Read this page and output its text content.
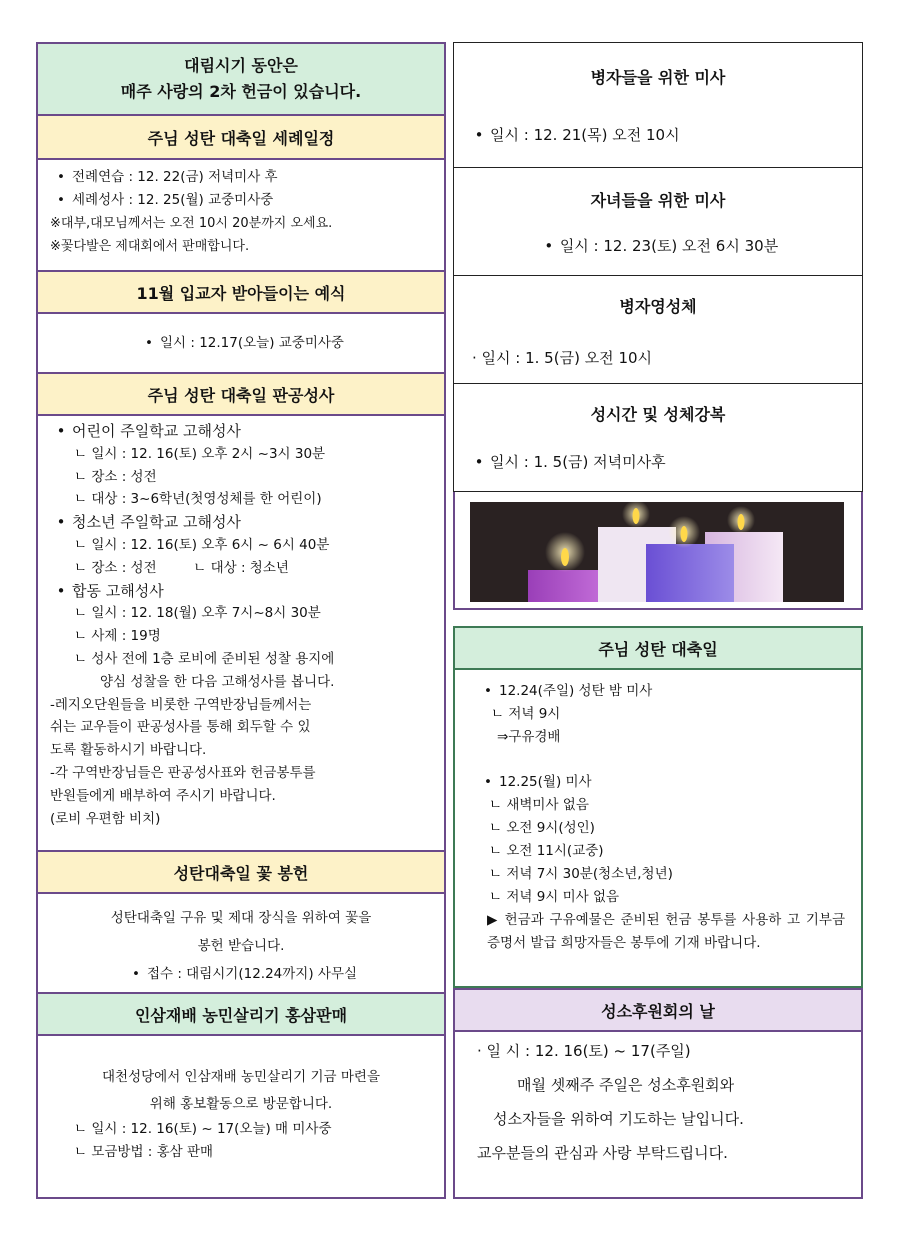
대림시기 동안은
매주 사랑의 2차 헌금이 있습니다.
주님 성탄 대축일 세례일정
• 전례연습 : 12. 22(금) 저녁미사 후
• 세례성사 : 12. 25(월) 교중미사중
※대부,대모님께서는 오전 10시 20분까지 오세요.
※꽃다발은 제대회에서 판매합니다.
11월 입교자 받아들이는 예식
• 일시 : 12.17(오늘) 교중미사중
주님 성탄 대축일 판공성사
• 어린이 주일학교 고해성사
ㄴ 일시 : 12. 16(토) 오후 2시 ~3시 30분
ㄴ 장소 : 성전
ㄴ 대상 : 3~6학년(첫영성체를 한 어린이)
• 청소년 주일학교 고해성사
ㄴ 일시 : 12. 16(토) 오후 6시 ~ 6시 40분
ㄴ 장소 : 성전	ㄴ 대상 : 청소년
• 합동 고해성사
ㄴ 일시 : 12. 18(월) 오후 7시~8시 30분
ㄴ 사제 : 19명
ㄴ 성사 전에 1층 로비에 준비된 성찰 용지에
양심 성찰을 한 다음 고해성사를 봅니다.
-레지오단원들을 비롯한 구역반장님들께서는
쉬는 교우들이 판공성사를 통해 회두할 수 있
도록 활동하시기 바랍니다.
-각 구역반장님들은 판공성사표와 헌금봉투를
반원들에게 배부하여 주시기 바랍니다.
(로비 우편함 비치)
성탄대축일 꽃 봉헌
성탄대축일 구유 및 제대 장식을 위하여 꽃을
봉헌 받습니다.
• 접수 : 대림시기(12.24까지) 사무실
인삼재배 농민살리기 홍삼판매
대천성당에서 인삼재배 농민살리기 기금 마련을
위해 홍보활동으로 방문합니다.
ㄴ 일시 : 12. 16(토) ~ 17(오늘) 매 미사중
ㄴ 모금방법 : 홍삼 판매
병자들을 위한 미사
• 일시 : 12. 21(목) 오전 10시
자녀들을 위한 미사
• 일시 : 12. 23(토) 오전 6시 30분
병자영성체
· 일시 : 1. 5(금) 오전 10시
성시간 및 성체강복
• 일시 : 1. 5(금) 저녁미사후
주님 성탄 대축일
• 12.24(주일) 성탄 밤 미사
ㄴ 저녁 9시
⇒구유경배
• 12.25(월) 미사
ㄴ 새벽미사 없음
ㄴ 오전 9시(성인)
ㄴ 오전 11시(교중)
ㄴ 저녁 7시 30분(청소년,청년)
ㄴ 저녁 9시 미사 없음
▶ 헌금과 구유예물은 준비된 헌금 봉투를 사용하 고 기부금 증명서 발급 희망자들은 봉투에 기재 바랍니다.
성소후원회의 날
· 일 시 : 12. 16(토) ~ 17(주일)
매월 셋째주 주일은 성소후원회와
성소자들을 위하여 기도하는 날입니다.
교우분들의 관심과 사랑 부탁드립니다.
